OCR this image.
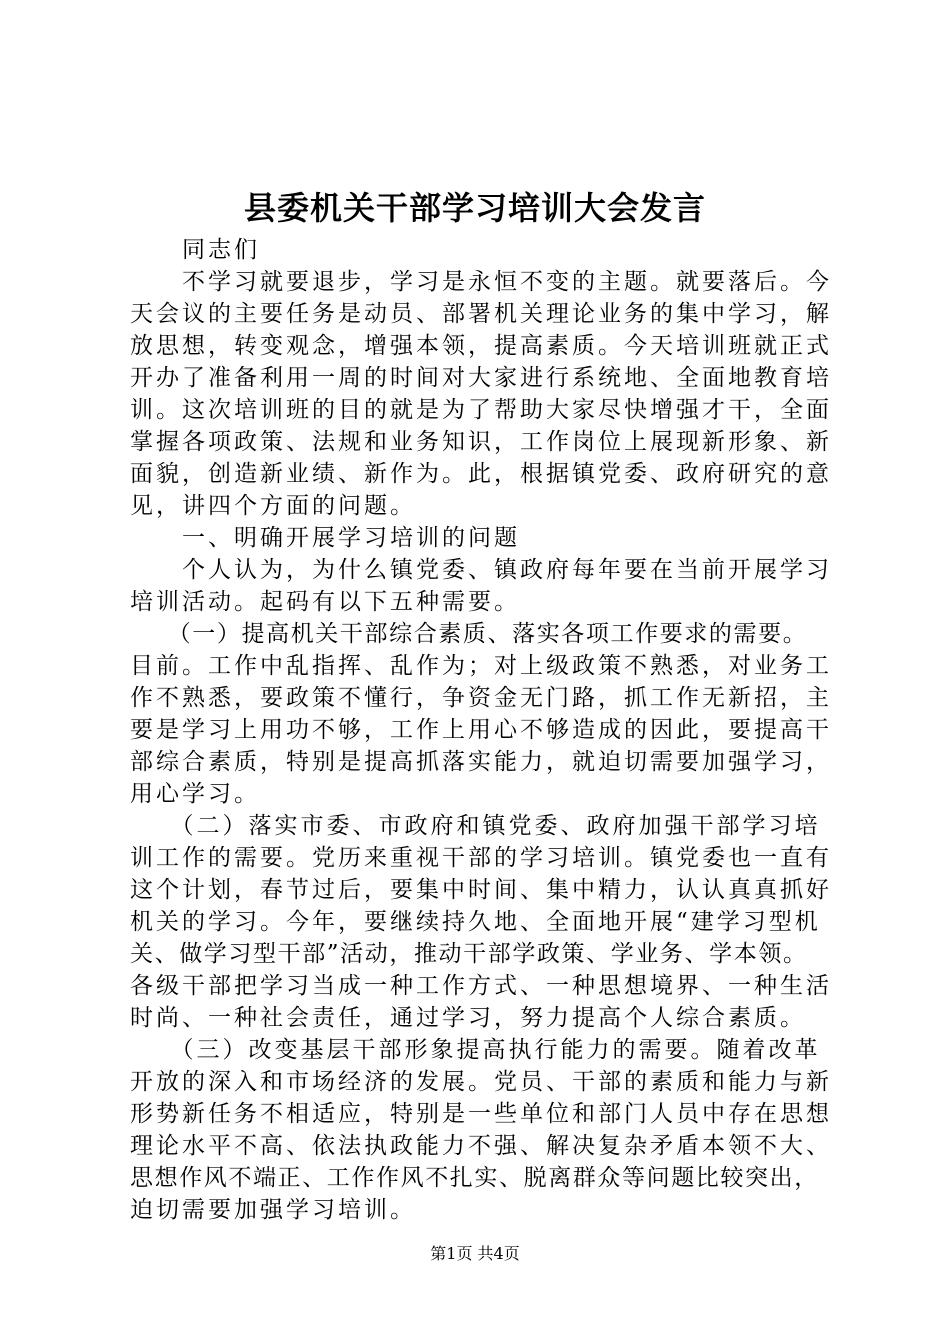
县委机关干部学习培训大会发言
　　同志们
　　不学习就要退步，学习是永恒不变的主题。就要落后。今
天会议的主要任务是动员、部署机关理论业务的集中学习，解
放思想，转变观念，增强本领，提高素质。今天培训班就正式
开办了准备利用一周的时间对大家进行系统地、全面地教育培
训。这次培训班的目的就是为了帮助大家尽快增强才干，全面
掌握各项政策、法规和业务知识，工作岗位上展现新形象、新
面貌，创造新业绩、新作为。此，根据镇党委、政府研究的意
见，讲四个方面的问题。
　　一、明确开展学习培训的问题
　　个人认为，为什么镇党委、镇政府每年要在当前开展学习
培训活动。起码有以下五种需要。
　　（一）提高机关干部综合素质、落实各项工作要求的需要。
目前。工作中乱指挥、乱作为；对上级政策不熟悉，对业务工
作不熟悉，要政策不懂行，争资金无门路，抓工作无新招，主
要是学习上用功不够，工作上用心不够造成的因此，要提高干
部综合素质，特别是提高抓落实能力，就迫切需要加强学习，
用心学习。
　　（二）落实市委、市政府和镇党委、政府加强干部学习培
训工作的需要。党历来重视干部的学习培训。镇党委也一直有
这个计划，春节过后，要集中时间、集中精力，认认真真抓好
机关的学习。今年，要继续持久地、全面地开展“建学习型机
关、做学习型干部”活动，推动干部学政策、学业务、学本领。
各级干部把学习当成一种工作方式、一种思想境界、一种生活
时尚、一种社会责任，通过学习，努力提高个人综合素质。
　　（三）改变基层干部形象提高执行能力的需要。随着改革
开放的深入和市场经济的发展。党员、干部的素质和能力与新
形势新任务不相适应，特别是一些单位和部门人员中存在思想
理论水平不高、依法执政能力不强、解决复杂矛盾本领不大、
思想作风不端正、工作作风不扎实、脱离群众等问题比较突出，
迫切需要加强学习培训。
第1页 共4页
